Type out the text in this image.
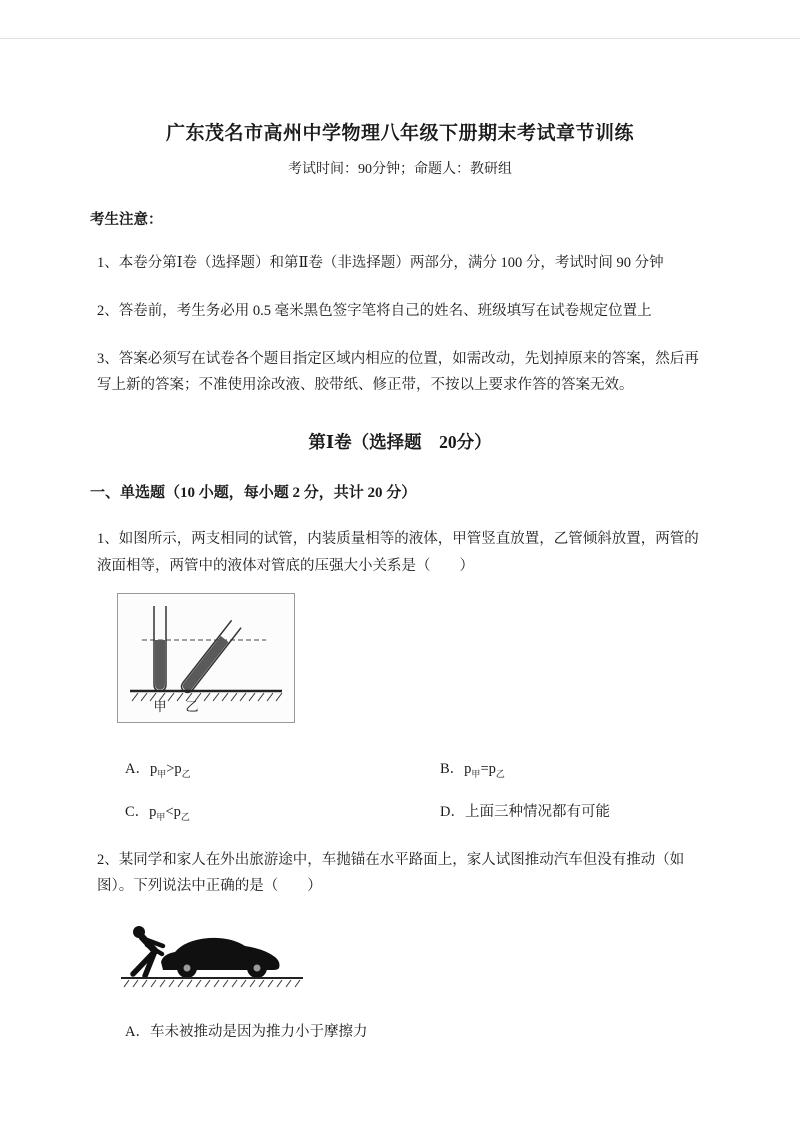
广东茂名市高州中学物理八年级下册期末考试章节训练
考试时间：90分钟；命题人：教研组
考生注意：

1、本卷分第Ⅰ卷（选择题）和第Ⅱ卷（非选择题）两部分，满分 100 分，考试时间 90 分钟

2、答卷前，考生务必用 0.5 毫米黑色签字笔将自己的姓名、班级填写在试卷规定位置上

3、答案必须写在试卷各个题目指定区域内相应的位置，如需改动，先划掉原来的答案，然后再写上新的答案；不准使用涂改液、胶带纸、修正带，不按以上要求作答的答案无效。

第Ⅰ卷（选择题　20分）
一、单选题（10 小题，每小题 2 分，共计 20 分）

1、如图所示，两支相同的试管，内装质量相等的液体，甲管竖直放置，乙管倾斜放置，两管的液面相等，两管中的液体对管底的压强大小关系是（　　）

甲 乙
A．$p_甲>p_乙$	B．$p_甲=p_乙$
C．$p_甲<p_乙$	D．上面三种情况都有可能

2、某同学和家人在外出旅游途中，车抛锚在水平路面上，家人试图推动汽车但没有推动（如图）。下列说法中正确的是（　　）

A．车未被推动是因为推力小于摩擦力
